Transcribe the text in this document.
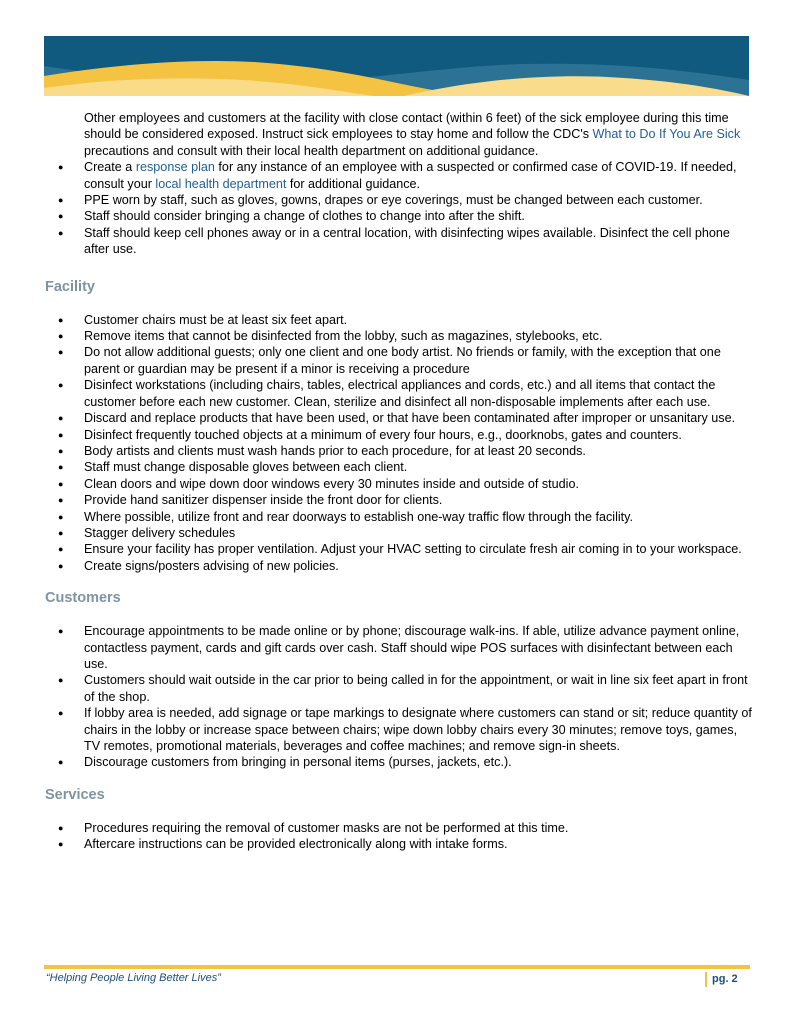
Other employees and customers at the facility with close contact (within 6 feet) of the sick employee during this time should be considered exposed. Instruct sick employees to stay home and follow the CDC's What to Do If You Are Sick precautions and consult with their local health department on additional guidance.

● Create a response plan for any instance of an employee with a suspected or confirmed case of COVID-19. If needed, consult your local health department for additional guidance.
● PPE worn by staff, such as gloves, gowns, drapes or eye coverings, must be changed between each customer.
● Staff should consider bringing a change of clothes to change into after the shift.
● Staff should keep cell phones away or in a central location, with disinfecting wipes available. Disinfect the cell phone after use.
Facility
● Customer chairs must be at least six feet apart.
● Remove items that cannot be disinfected from the lobby, such as magazines, stylebooks, etc.
● Do not allow additional guests; only one client and one body artist. No friends or family, with the exception that one parent or guardian may be present if a minor is receiving a procedure
● Disinfect workstations (including chairs, tables, electrical appliances and cords, etc.) and all items that contact the customer before each new customer. Clean, sterilize and disinfect all non-disposable implements after each use.
● Discard and replace products that have been used, or that have been contaminated after improper or unsanitary use.
● Disinfect frequently touched objects at a minimum of every four hours, e.g., doorknobs, gates and counters.
● Body artists and clients must wash hands prior to each procedure, for at least 20 seconds.
● Staff must change disposable gloves between each client.
● Clean doors and wipe down door windows every 30 minutes inside and outside of studio.
● Provide hand sanitizer dispenser inside the front door for clients.
● Where possible, utilize front and rear doorways to establish one-way traffic flow through the facility.
● Stagger delivery schedules
● Ensure your facility has proper ventilation. Adjust your HVAC setting to circulate fresh air coming in to your workspace.
● Create signs/posters advising of new policies.
Customers
● Encourage appointments to be made online or by phone; discourage walk-ins. If able, utilize advance payment online, contactless payment, cards and gift cards over cash. Staff should wipe POS surfaces with disinfectant between each use.
● Customers should wait outside in the car prior to being called in for the appointment, or wait in line six feet apart in front of the shop.
● If lobby area is needed, add signage or tape markings to designate where customers can stand or sit; reduce quantity of chairs in the lobby or increase space between chairs; wipe down lobby chairs every 30 minutes; remove toys, games, TV remotes, promotional materials, beverages and coffee machines; and remove sign-in sheets.
● Discourage customers from bringing in personal items (purses, jackets, etc.).
Services
● Procedures requiring the removal of customer masks are not be performed at this time.
● Aftercare instructions can be provided electronically along with intake forms.
“Helping People Living Better Lives”	pg. 2
